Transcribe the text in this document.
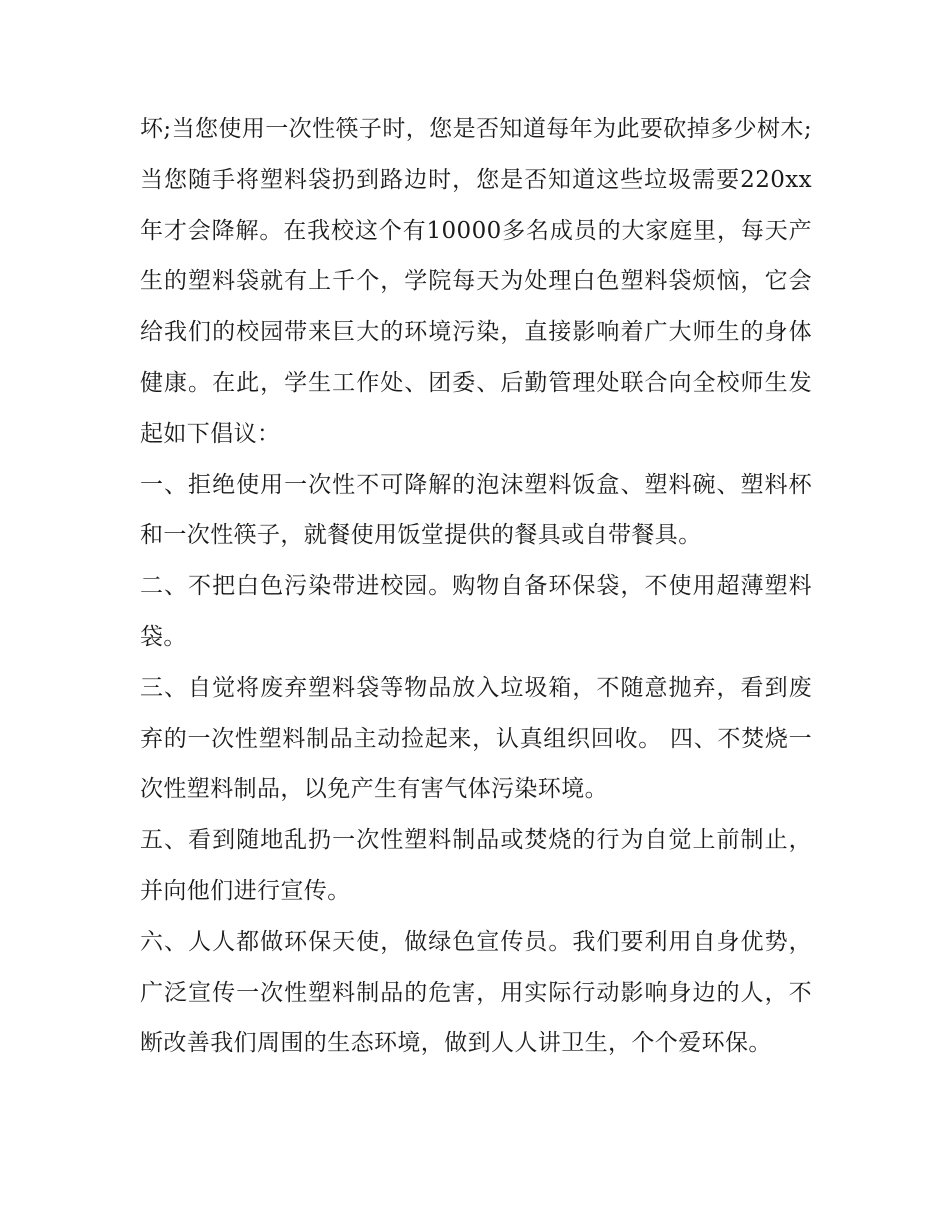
坏;当您使用一次性筷子时，您是否知道每年为此要砍掉多少树木;当您随手将塑料袋扔到路边时，您是否知道这些垃圾需要220xx年才会降解。在我校这个有10000多名成员的大家庭里，每天产生的塑料袋就有上千个，学院每天为处理白色塑料袋烦恼，它会给我们的校园带来巨大的环境污染，直接影响着广大师生的身体健康。在此，学生工作处、团委、后勤管理处联合向全校师生发起如下倡议：

一、拒绝使用一次性不可降解的泡沫塑料饭盒、塑料碗、塑料杯和一次性筷子，就餐使用饭堂提供的餐具或自带餐具。

二、不把白色污染带进校园。购物自备环保袋，不使用超薄塑料袋。

三、自觉将废弃塑料袋等物品放入垃圾箱，不随意抛弃，看到废弃的一次性塑料制品主动捡起来，认真组织回收。 四、不焚烧一次性塑料制品，以免产生有害气体污染环境。

五、看到随地乱扔一次性塑料制品或焚烧的行为自觉上前制止，并向他们进行宣传。

六、人人都做环保天使，做绿色宣传员。我们要利用自身优势，广泛宣传一次性塑料制品的危害，用实际行动影响身边的人，不断改善我们周围的生态环境，做到人人讲卫生，个个爱环保。
